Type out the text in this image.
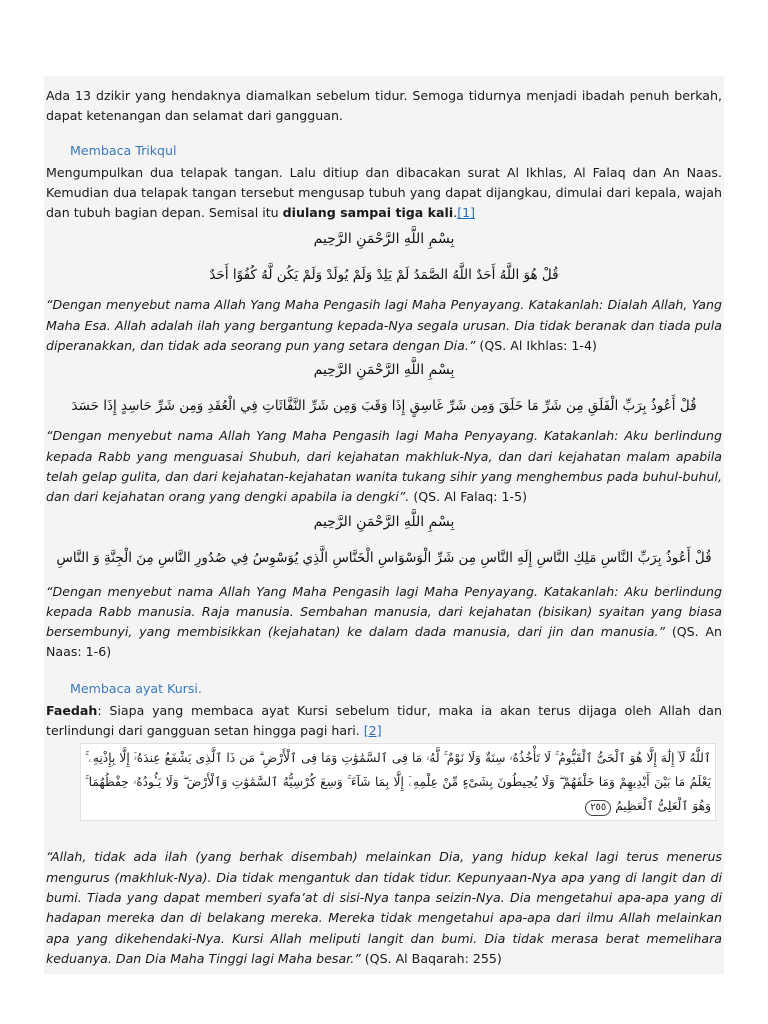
Ada 13 dzikir yang hendaknya diamalkan sebelum tidur. Semoga tidurnya menjadi ibadah penuh berkah, dapat ketenangan dan selamat dari gangguan.

Membaca Trikqul

Mengumpulkan dua telapak tangan. Lalu ditiup dan dibacakan surat Al Ikhlas, Al Falaq dan An Naas. Kemudian dua telapak tangan tersebut mengusap tubuh yang dapat dijangkau, dimulai dari kepala, wajah dan tubuh bagian depan. Semisal itu diulang sampai tiga kali.[1]

بِسْمِ اللَّهِ الرَّحْمَنِ الرَّحِيم
قُلْ هُوَ اللَّهُ أَحَدٌ اللَّهُ الصَّمَدُ لَمْ يَلِدْ وَلَمْ يُولَدْ وَلَمْ يَكُن لَّهُ كُفُوًا أَحَدٌ

“Dengan menyebut nama Allah Yang Maha Pengasih lagi Maha Penyayang. Katakanlah: Dialah Allah, Yang Maha Esa. Allah adalah ilah yang bergantung kepada-Nya segala urusan. Dia tidak beranak dan tiada pula diperanakkan, dan tidak ada seorang pun yang setara dengan Dia.” (QS. Al Ikhlas: 1-4)

بِسْمِ اللَّهِ الرَّحْمَنِ الرَّحِيم
قُلْ أَعُوذُ بِرَبِّ الْفَلَقِ مِن شَرِّ مَا خَلَقَ وَمِن شَرِّ غَاسِقٍ إِذَا وَقَبَ وَمِن شَرِّ النَّفَّاثَاتِ فِي الْعُقَدِ وَمِن شَرِّ حَاسِدٍ إِذَا حَسَدَ

“Dengan menyebut nama Allah Yang Maha Pengasih lagi Maha Penyayang. Katakanlah: Aku berlindung kepada Rabb yang menguasai Shubuh, dari kejahatan makhluk-Nya, dan dari kejahatan malam apabila telah gelap gulita, dan dari kejahatan-kejahatan wanita tukang sihir yang menghembus pada buhul-buhul, dan dari kejahatan orang yang dengki apabila ia dengki”. (QS. Al Falaq: 1-5)

بِسْمِ اللَّهِ الرَّحْمَنِ الرَّحِيم
قُلْ أَعُوذُ بِرَبِّ النَّاسِ مَلِكِ النَّاسِ إِلَهِ النَّاسِ مِن شَرِّ الْوَسْوَاسِ الْخَنَّاسِ الَّذِي يُوَسْوِسُ فِي صُدُورِ النَّاسِ مِنَ الْجِنَّةِ وَ النَّاسِ

“Dengan menyebut nama Allah Yang Maha Pengasih lagi Maha Penyayang. Katakanlah: Aku berlindung kepada Rabb manusia. Raja manusia. Sembahan manusia, dari kejahatan (bisikan) syaitan yang biasa bersembunyi, yang membisikkan (kejahatan) ke dalam dada manusia, dari jin dan manusia.” (QS. An Naas: 1-6)

Membaca ayat Kursi.

Faedah: Siapa yang membaca ayat Kursi sebelum tidur, maka ia akan terus dijaga oleh Allah dan terlindungi dari gangguan setan hingga pagi hari. [2]

ٱللَّهُ لَآ إِلَٰهَ إِلَّا هُوَ ٱلْحَىُّ ٱلْقَيُّومُ ۚ لَا تَأْخُذُهُۥ سِنَةٌ وَلَا نَوْمٌ ۚ لَّهُۥ مَا فِى ٱلسَّمَٰوَٰتِ وَمَا فِى ٱلْأَرْضِ ۗ مَن ذَا ٱلَّذِى يَشْفَعُ عِندَهُۥٓ إِلَّا بِإِذْنِهِۦ ۚ يَعْلَمُ مَا بَيْنَ أَيْدِيهِمْ وَمَا خَلْفَهُمْ ۖ وَلَا يُحِيطُونَ بِشَىْءٍ مِّنْ عِلْمِهِۦٓ إِلَّا بِمَا شَآءَ ۚ وَسِعَ كُرْسِيُّهُ ٱلسَّمَٰوَٰتِ وَٱلْأَرْضَ ۖ وَلَا يَـُٔودُهُۥ حِفْظُهُمَا ۚ وَهُوَ ٱلْعَلِىُّ ٱلْعَظِيمُ ٢٥٥

“Allah, tidak ada ilah (yang berhak disembah) melainkan Dia, yang hidup kekal lagi terus menerus mengurus (makhluk-Nya). Dia tidak mengantuk dan tidak tidur. Kepunyaan-Nya apa yang di langit dan di bumi. Tiada yang dapat memberi syafa’at di sisi-Nya tanpa seizin-Nya. Dia mengetahui apa-apa yang di hadapan mereka dan di belakang mereka. Mereka tidak mengetahui apa-apa dari ilmu Allah melainkan apa yang dikehendaki-Nya. Kursi Allah meliputi langit dan bumi. Dia tidak merasa berat memelihara keduanya. Dan Dia Maha Tinggi lagi Maha besar.” (QS. Al Baqarah: 255)
